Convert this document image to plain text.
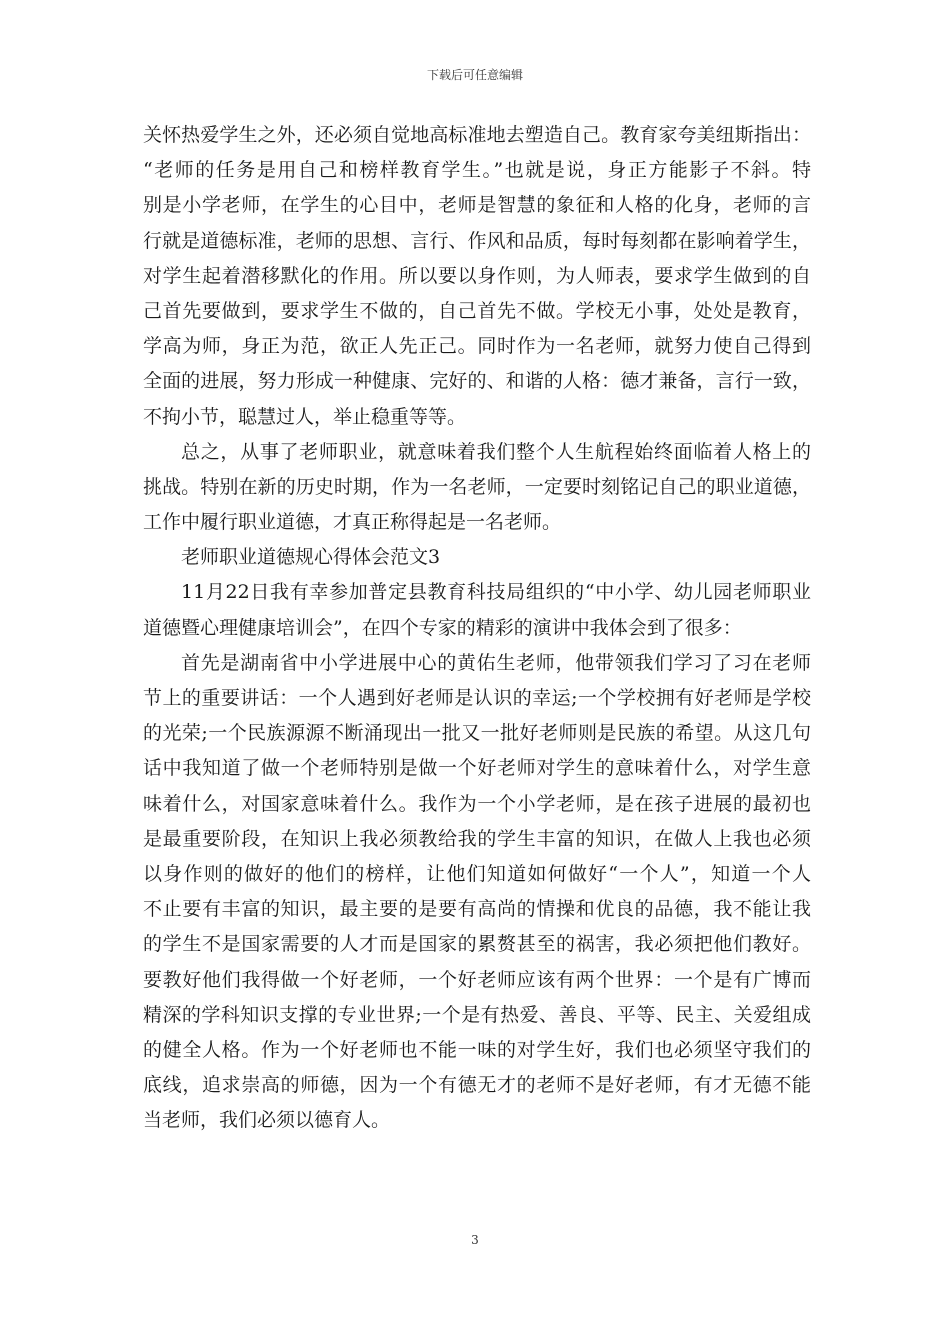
下载后可任意编辑
关怀热爱学生之外，还必须自觉地高标准地去塑造自己。教育家夸美纽斯指出：
“老师的任务是用自己和榜样教育学生。”也就是说，身正方能影子不斜。特
别是小学老师，在学生的心目中，老师是智慧的象征和人格的化身，老师的言
行就是道德标准，老师的思想、言行、作风和品质，每时每刻都在影响着学生，
对学生起着潜移默化的作用。所以要以身作则，为人师表，要求学生做到的自
己首先要做到，要求学生不做的，自己首先不做。学校无小事，处处是教育，
学高为师，身正为范，欲正人先正己。同时作为一名老师，就努力使自己得到
全面的进展，努力形成一种健康、完好的、和谐的人格：德才兼备，言行一致，
不拘小节，聪慧过人，举止稳重等等。
总之，从事了老师职业，就意味着我们整个人生航程始终面临着人格上的
挑战。特别在新的历史时期，作为一名老师，一定要时刻铭记自己的职业道德，
工作中履行职业道德，才真正称得起是一名老师。
老师职业道德规心得体会范文3
11月22日我有幸参加普定县教育科技局组织的“中小学、幼儿园老师职业
道德暨心理健康培训会”，在四个专家的精彩的演讲中我体会到了很多：
首先是湖南省中小学进展中心的黄佑生老师，他带领我们学习了习在老师
节上的重要讲话：一个人遇到好老师是认识的幸运;一个学校拥有好老师是学校
的光荣;一个民族源源不断涌现出一批又一批好老师则是民族的希望。从这几句
话中我知道了做一个老师特别是做一个好老师对学生的意味着什么，对学生意
味着什么，对国家意味着什么。我作为一个小学老师，是在孩子进展的最初也
是最重要阶段，在知识上我必须教给我的学生丰富的知识，在做人上我也必须
以身作则的做好的他们的榜样，让他们知道如何做好“一个人”，知道一个人
不止要有丰富的知识，最主要的是要有高尚的情操和优良的品德，我不能让我
的学生不是国家需要的人才而是国家的累赘甚至的祸害，我必须把他们教好。
要教好他们我得做一个好老师，一个好老师应该有两个世界：一个是有广博而
精深的学科知识支撑的专业世界;一个是有热爱、善良、平等、民主、关爱组成
的健全人格。作为一个好老师也不能一味的对学生好，我们也必须坚守我们的
底线，追求崇高的师德，因为一个有德无才的老师不是好老师，有才无德不能
当老师，我们必须以德育人。
3
